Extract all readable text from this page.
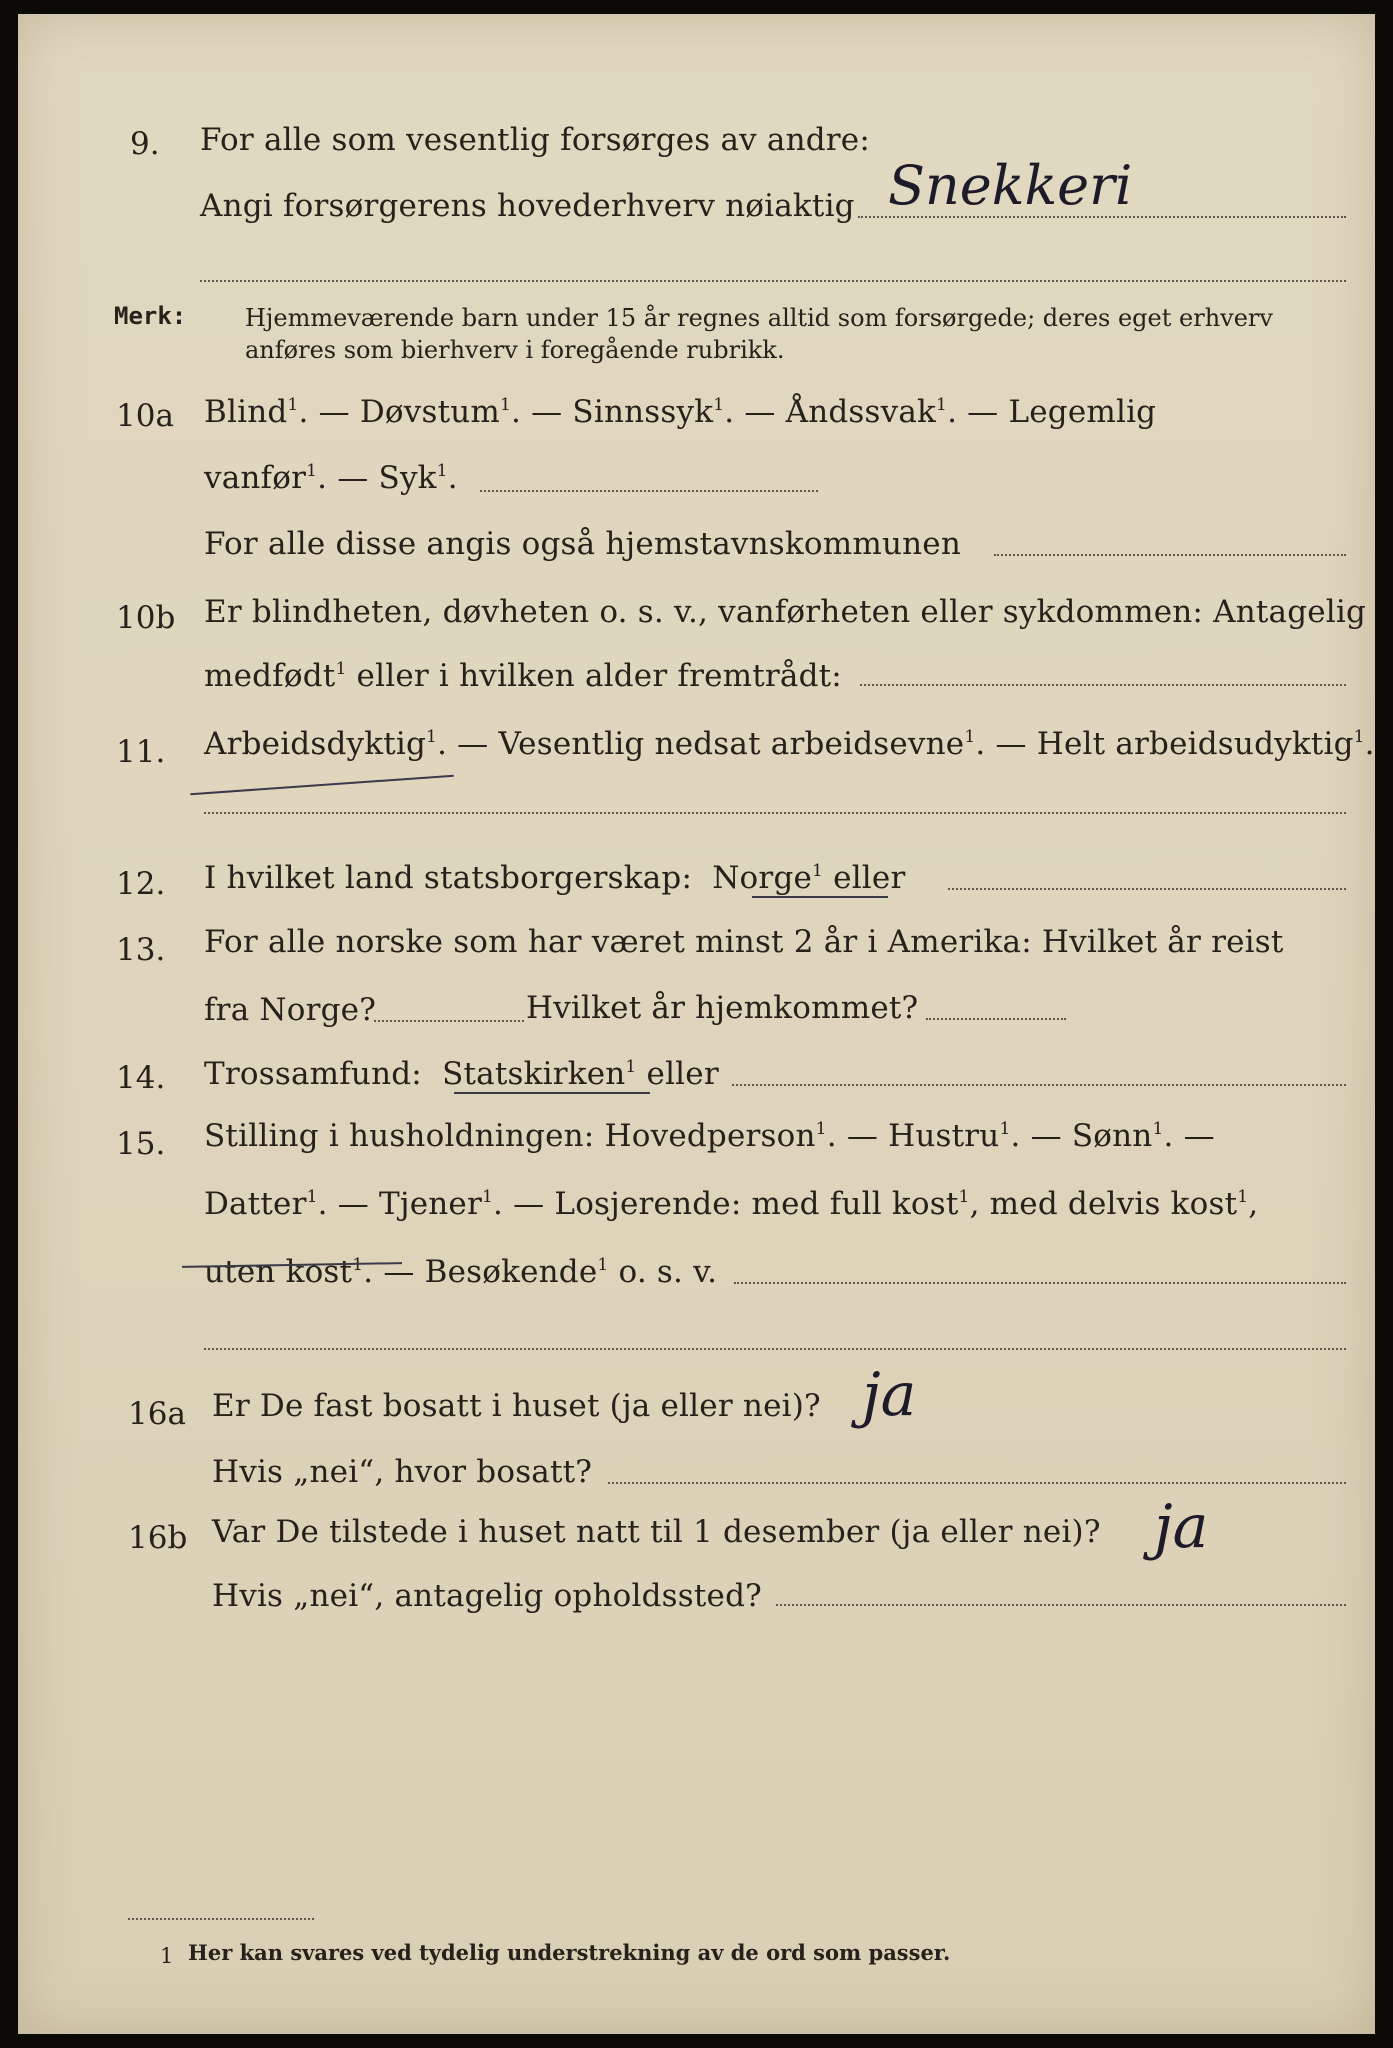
9. For alle som vesentlig forsørges av andre:
Angi forsørgerens hovederhverv nøiaktig Snekkeri
Merk: Hjemmeværende barn under 15 år regnes alltid som forsørgede; deres eget erhverv
anføres som bierhverv i foregående rubrikk.
10a Blind$^1$. — Døvstum$^1$. — Sinnssyk$^1$. — Åndssvak$^1$. — Legemlig
vanfør$^1$. — Syk$^1$.
For alle disse angis også hjemstavnskommunen
10b Er blindheten, døvheten o. s. v., vanførheten eller sykdommen: Antagelig
medfødt$^1$ eller i hvilken alder fremtrådt:
11. Arbeidsdyktig$^1$. — Vesentlig nedsat arbeidsevne$^1$. — Helt arbeidsudyktig$^1$.
12. I hvilket land statsborgerskap: Norge$^1$ eller
13. For alle norske som har været minst 2 år i Amerika: Hvilket år reist
fra Norge?	Hvilket år hjemkommet?
14. Trossamfund: Statskirken$^1$ eller
15. Stilling i husholdningen: Hovedperson$^1$. — Hustru$^1$. — Sønn$^1$. —
Datter$^1$. — Tjener$^1$. — Losjerende: med full kost$^1$, med delvis kost$^1$,
uten kost$^1$. — Besøkende$^1$ o. s. v.
16a Er De fast bosatt i huset (ja eller nei)? ja
Hvis „nei“, hvor bosatt?
16b Var De tilstede i huset natt til 1 desember (ja eller nei)? ja
Hvis „nei“, antagelig opholdssted?
1 Her kan svares ved tydelig understrekning av de ord som passer.
